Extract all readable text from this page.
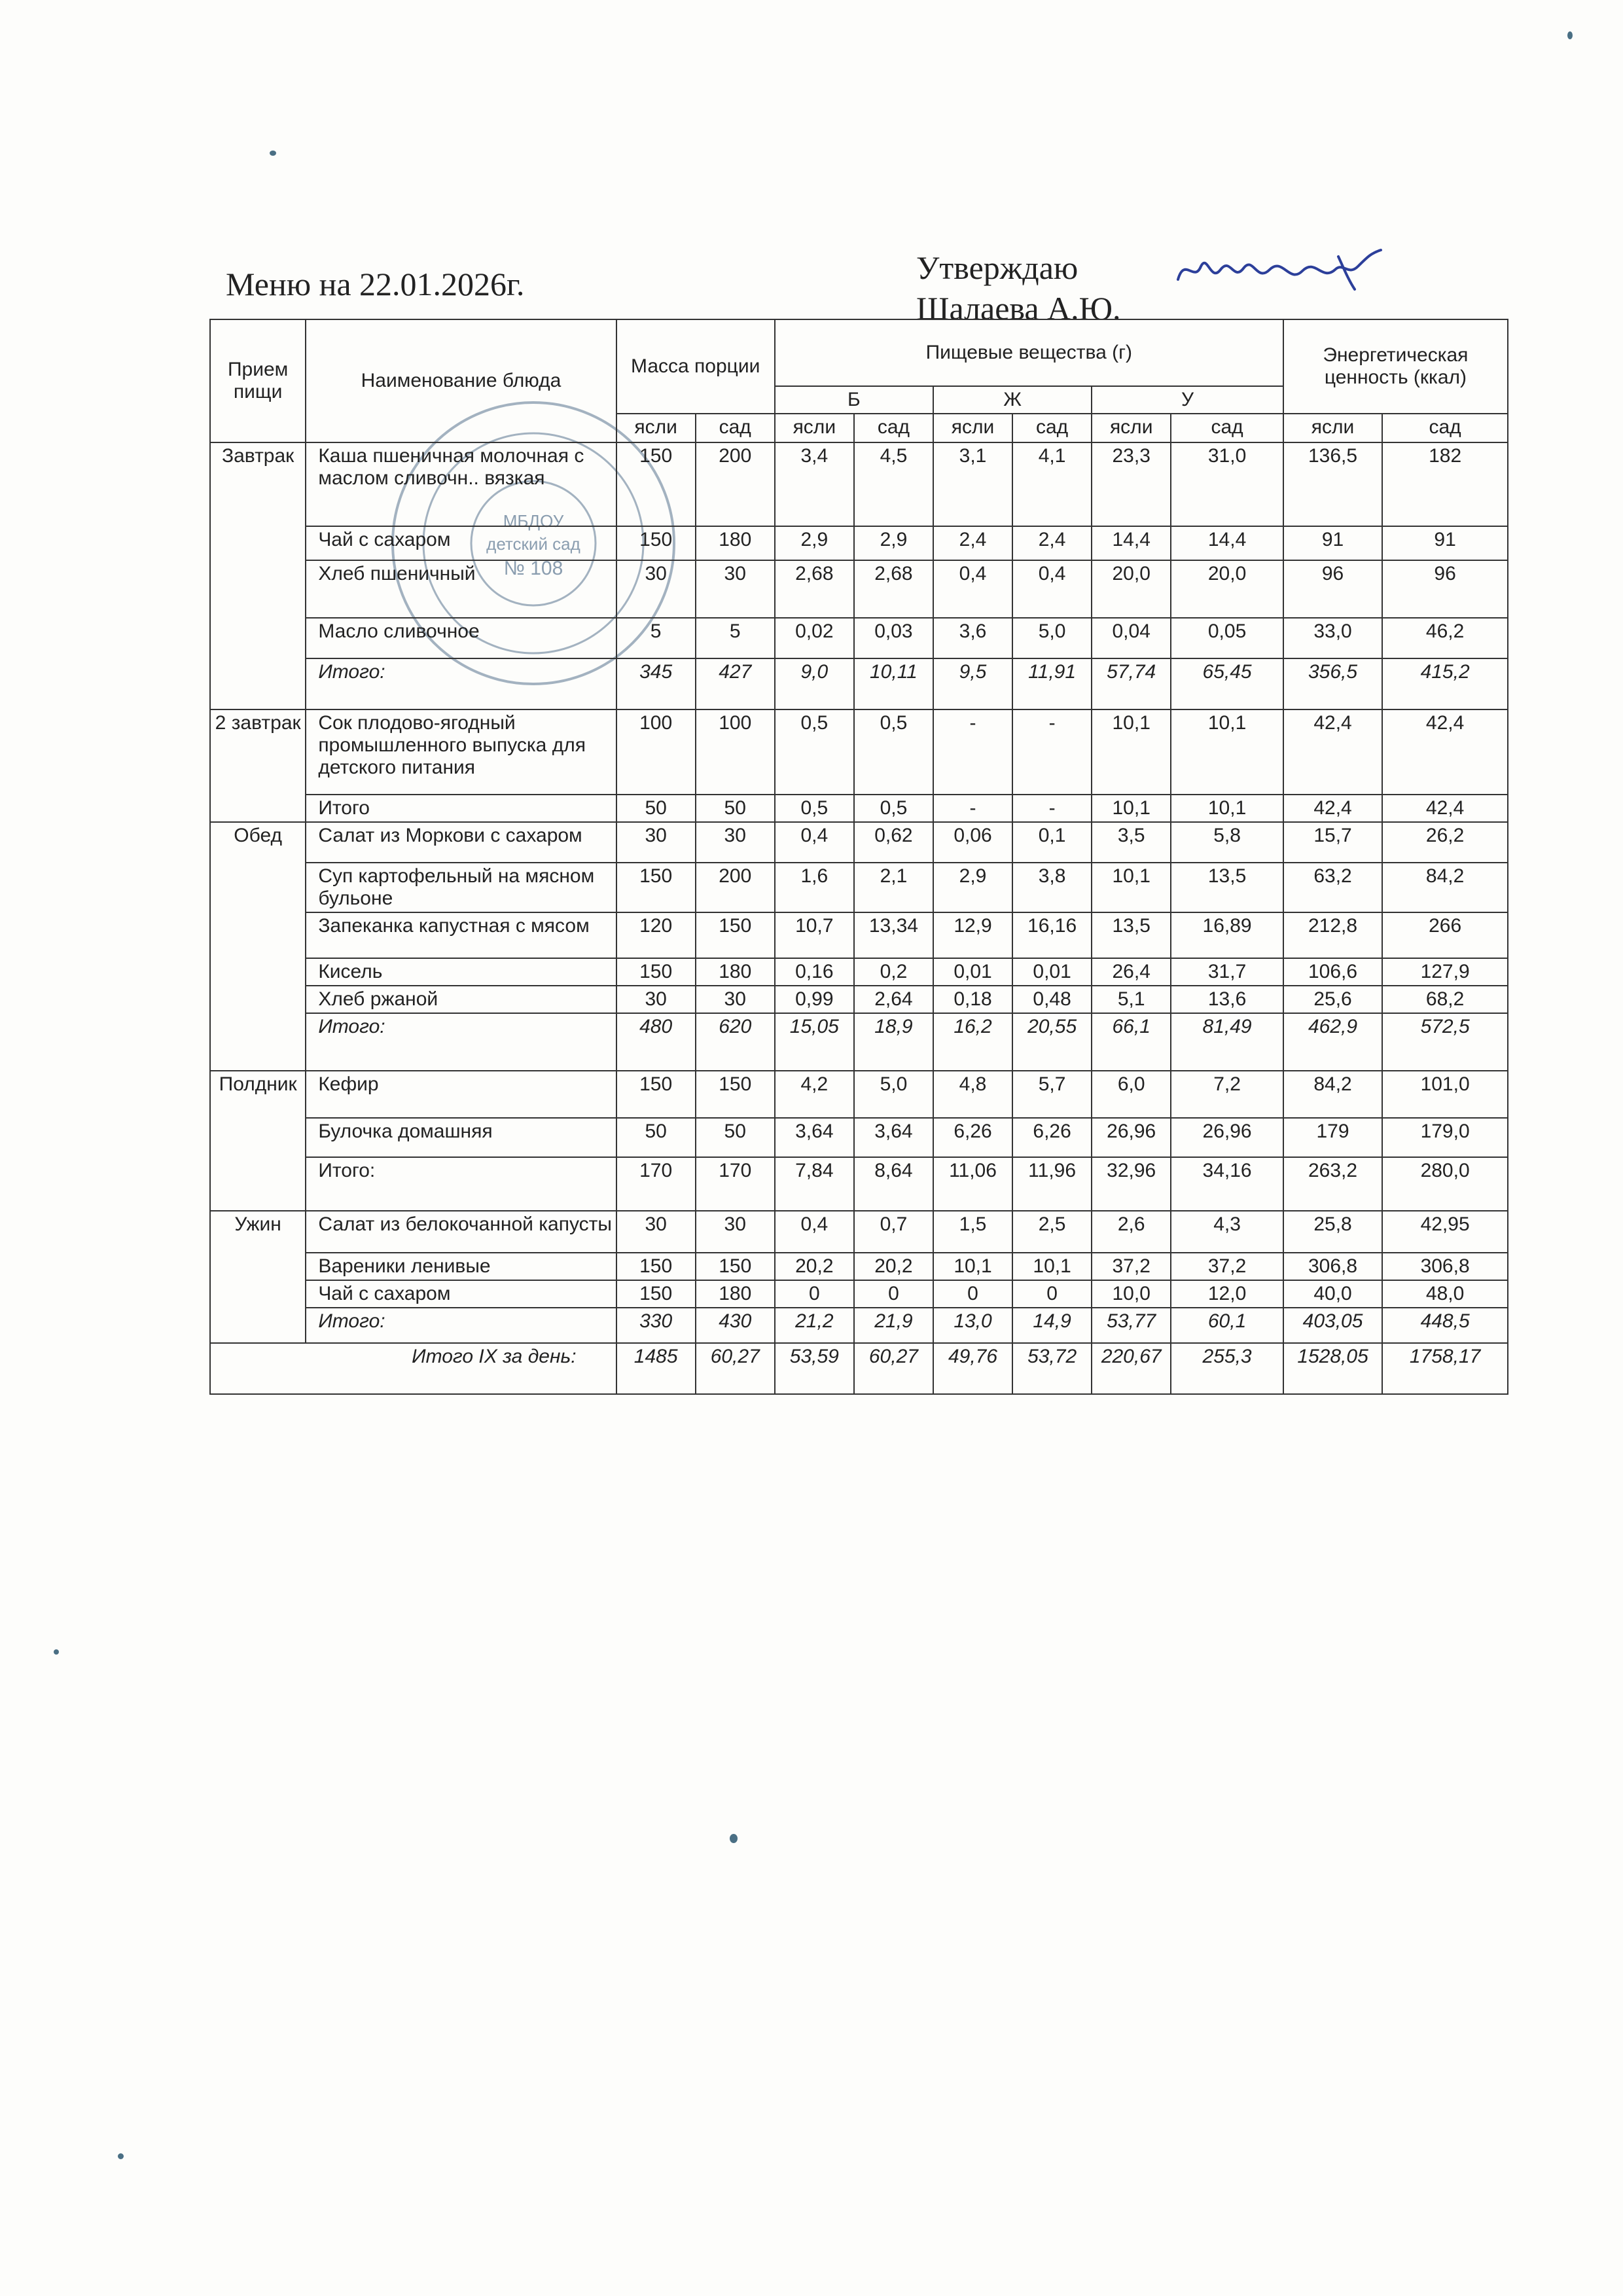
Меню на 22.01.2026г.	Утверждаю
Шалаева А.Ю.
МБДОУ
детский сад
№ 108
Прием пищи	Наименование блюда	Масса порции		Пищевые вещества (г)						Энергетическая ценность (ккал)	
				Б		Ж		У			
		ясли	сад	ясли	сад	ясли	сад	ясли	сад	ясли	сад
Завтрак	Каша пшеничная молочная с маслом сливочн.. вязкая	150	200	3,4	4,5	3,1	4,1	23,3	31,0	136,5	182
	Чай с сахаром	150	180	2,9	2,9	2,4	2,4	14,4	14,4	91	91
	Хлеб пшеничный	30	30	2,68	2,68	0,4	0,4	20,0	20,0	96	96
	Масло сливочное	5	5	0,02	0,03	3,6	5,0	0,04	0,05	33,0	46,2
	Итого:	345	427	9,0	10,11	9,5	11,91	57,74	65,45	356,5	415,2
2 завтрак	Сок плодово-ягодный промышленного выпуска для детского питания	100	100	0,5	0,5	-	-	10,1	10,1	42,4	42,4
	Итого	50	50	0,5	0,5	-	-	10,1	10,1	42,4	42,4
Обед	Салат из Моркови с сахаром	30	30	0,4	0,62	0,06	0,1	3,5	5,8	15,7	26,2
	Суп картофельный на мясном бульоне	150	200	1,6	2,1	2,9	3,8	10,1	13,5	63,2	84,2
	Запеканка капустная с мясом	120	150	10,7	13,34	12,9	16,16	13,5	16,89	212,8	266
	Кисель	150	180	0,16	0,2	0,01	0,01	26,4	31,7	106,6	127,9
	Хлеб ржаной	30	30	0,99	2,64	0,18	0,48	5,1	13,6	25,6	68,2
	Итого:	480	620	15,05	18,9	16,2	20,55	66,1	81,49	462,9	572,5
Полдник	Кефир	150	150	4,2	5,0	4,8	5,7	6,0	7,2	84,2	101,0
	Булочка домашняя	50	50	3,64	3,64	6,26	6,26	26,96	26,96	179	179,0
	Итого:	170	170	7,84	8,64	11,06	11,96	32,96	34,16	263,2	280,0
Ужин	Салат из белокочанной капусты	30	30	0,4	0,7	1,5	2,5	2,6	4,3	25,8	42,95
	Вареники ленивые	150	150	20,2	20,2	10,1	10,1	37,2	37,2	306,8	306,8
	Чай с сахаром	150	180	0	0	0	0	10,0	12,0	40,0	48,0
	Итого:	330	430	21,2	21,9	13,0	14,9	53,77	60,1	403,05	448,5
Итого IX за день:		1485	60,27	53,59	60,27	49,76	53,72	220,67	255,3	1528,05	1758,17
